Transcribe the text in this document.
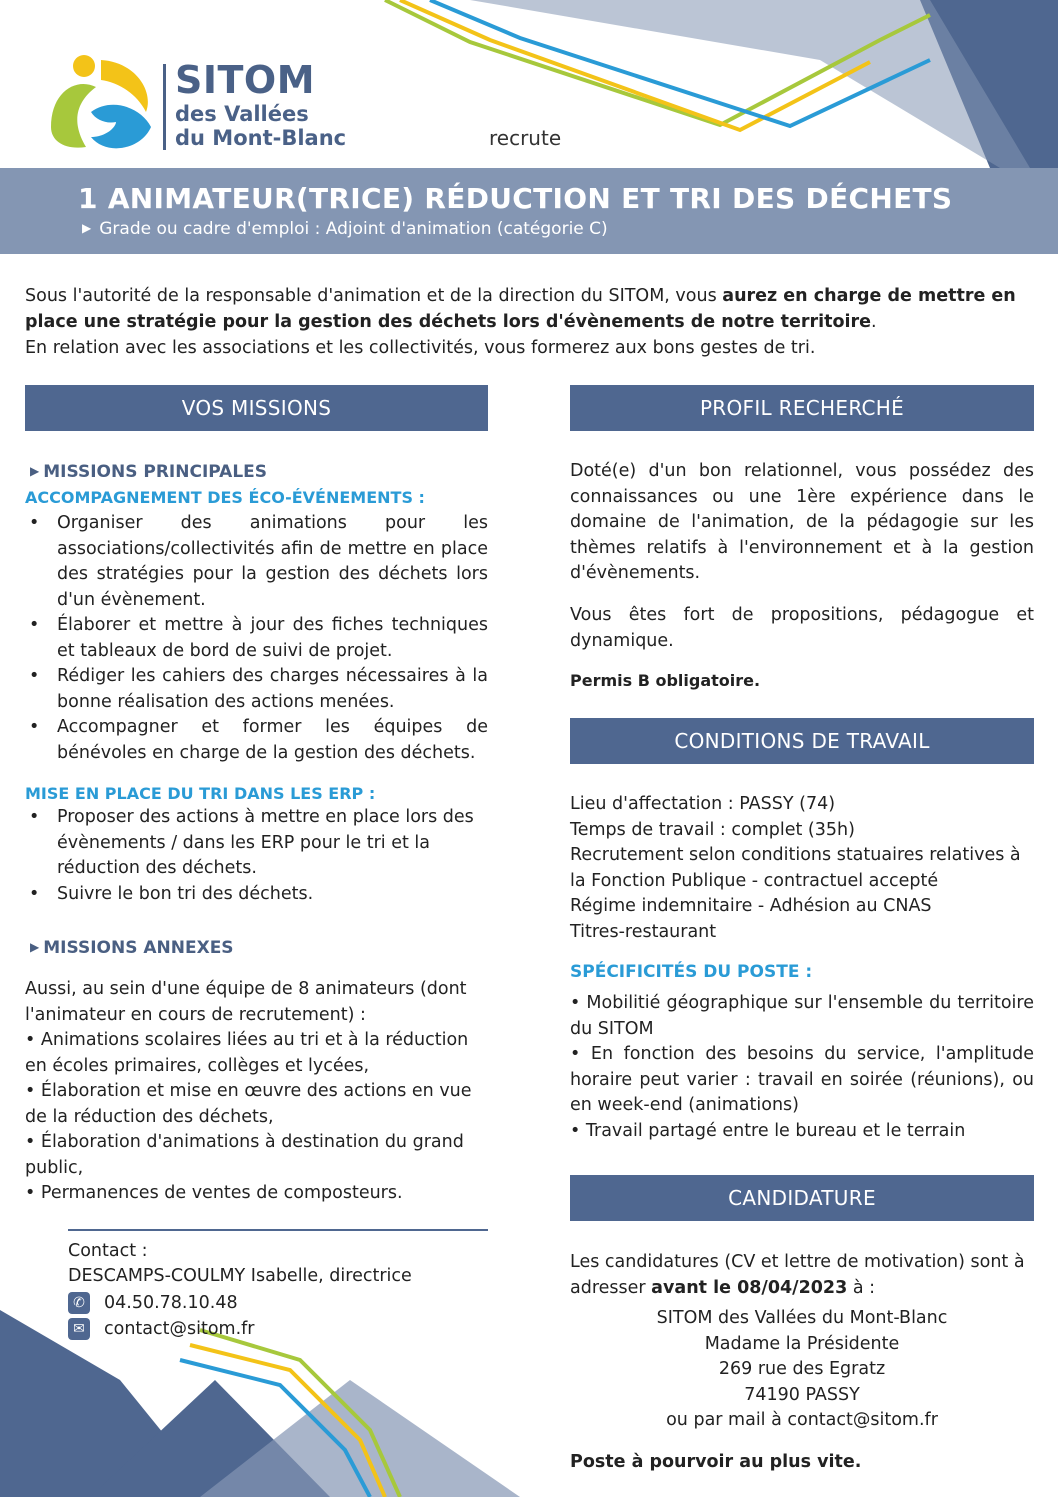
SITOM
des Vallées
du Mont-Blanc	recrute
1 ANIMATEUR(TRICE) RÉDUCTION ET TRI DES DÉCHETS
▶ Grade ou cadre d'emploi : Adjoint d'animation (catégorie C)
Sous l'autorité de la responsable d'animation et de la direction du SITOM, vous aurez en charge de mettre en place une stratégie pour la gestion des déchets lors d'évènements de notre territoire.
En relation avec les associations et les collectivités, vous formerez aux bons gestes de tri.
VOS MISSIONS
▶ MISSIONS PRINCIPALES
ACCOMPAGNEMENT DES ÉCO-ÉVÉNEMENTS :
• Organiser des animations pour les associations/collectivités afin de mettre en place des stratégies pour la gestion des déchets lors d'un évènement.
• Élaborer et mettre à jour des fiches techniques et tableaux de bord de suivi de projet.
• Rédiger les cahiers des charges nécessaires à la bonne réalisation des actions menées.
• Accompagner et former les équipes de bénévoles en charge de la gestion des déchets.
MISE EN PLACE DU TRI DANS LES ERP :
• Proposer des actions à mettre en place lors des évènements / dans les ERP pour le tri et la réduction des déchets.
• Suivre le bon tri des déchets.
▶ MISSIONS ANNEXES
Aussi, au sein d'une équipe de 8 animateurs (dont l'animateur en cours de recrutement) :
• Animations scolaires liées au tri et à la réduction en écoles primaires, collèges et lycées,
• Élaboration et mise en œuvre des actions en vue de la réduction des déchets,
• Élaboration d'animations à destination du grand public,
• Permanences de ventes de composteurs.
Contact :
DESCAMPS-COULMY Isabelle, directrice
✆ 04.50.78.10.48
✉ contact@sitom.fr
PROFIL RECHERCHÉ
Doté(e) d'un bon relationnel, vous possédez des connaissances ou une 1ère expérience dans le domaine de l'animation, de la pédagogie sur les thèmes relatifs à l'environnement et à la gestion d'évènements.
Vous êtes fort de propositions, pédagogue et dynamique.
Permis B obligatoire.
CONDITIONS DE TRAVAIL
Lieu d'affectation : PASSY (74)
Temps de travail : complet (35h)
Recrutement selon conditions statuaires relatives à la Fonction Publique - contractuel accepté
Régime indemnitaire - Adhésion au CNAS
Titres-restaurant
SPÉCIFICITÉS DU POSTE :
• Mobilitié géographique sur l'ensemble du territoire du SITOM
• En fonction des besoins du service, l'amplitude horaire peut varier : travail en soirée (réunions), ou en week-end (animations)
• Travail partagé entre le bureau et le terrain
CANDIDATURE
Les candidatures (CV et lettre de motivation) sont à adresser avant le 08/04/2023 à :
SITOM des Vallées du Mont-Blanc
Madame la Présidente
269 rue des Egratz
74190 PASSY
ou par mail à contact@sitom.fr
Poste à pourvoir au plus vite.
